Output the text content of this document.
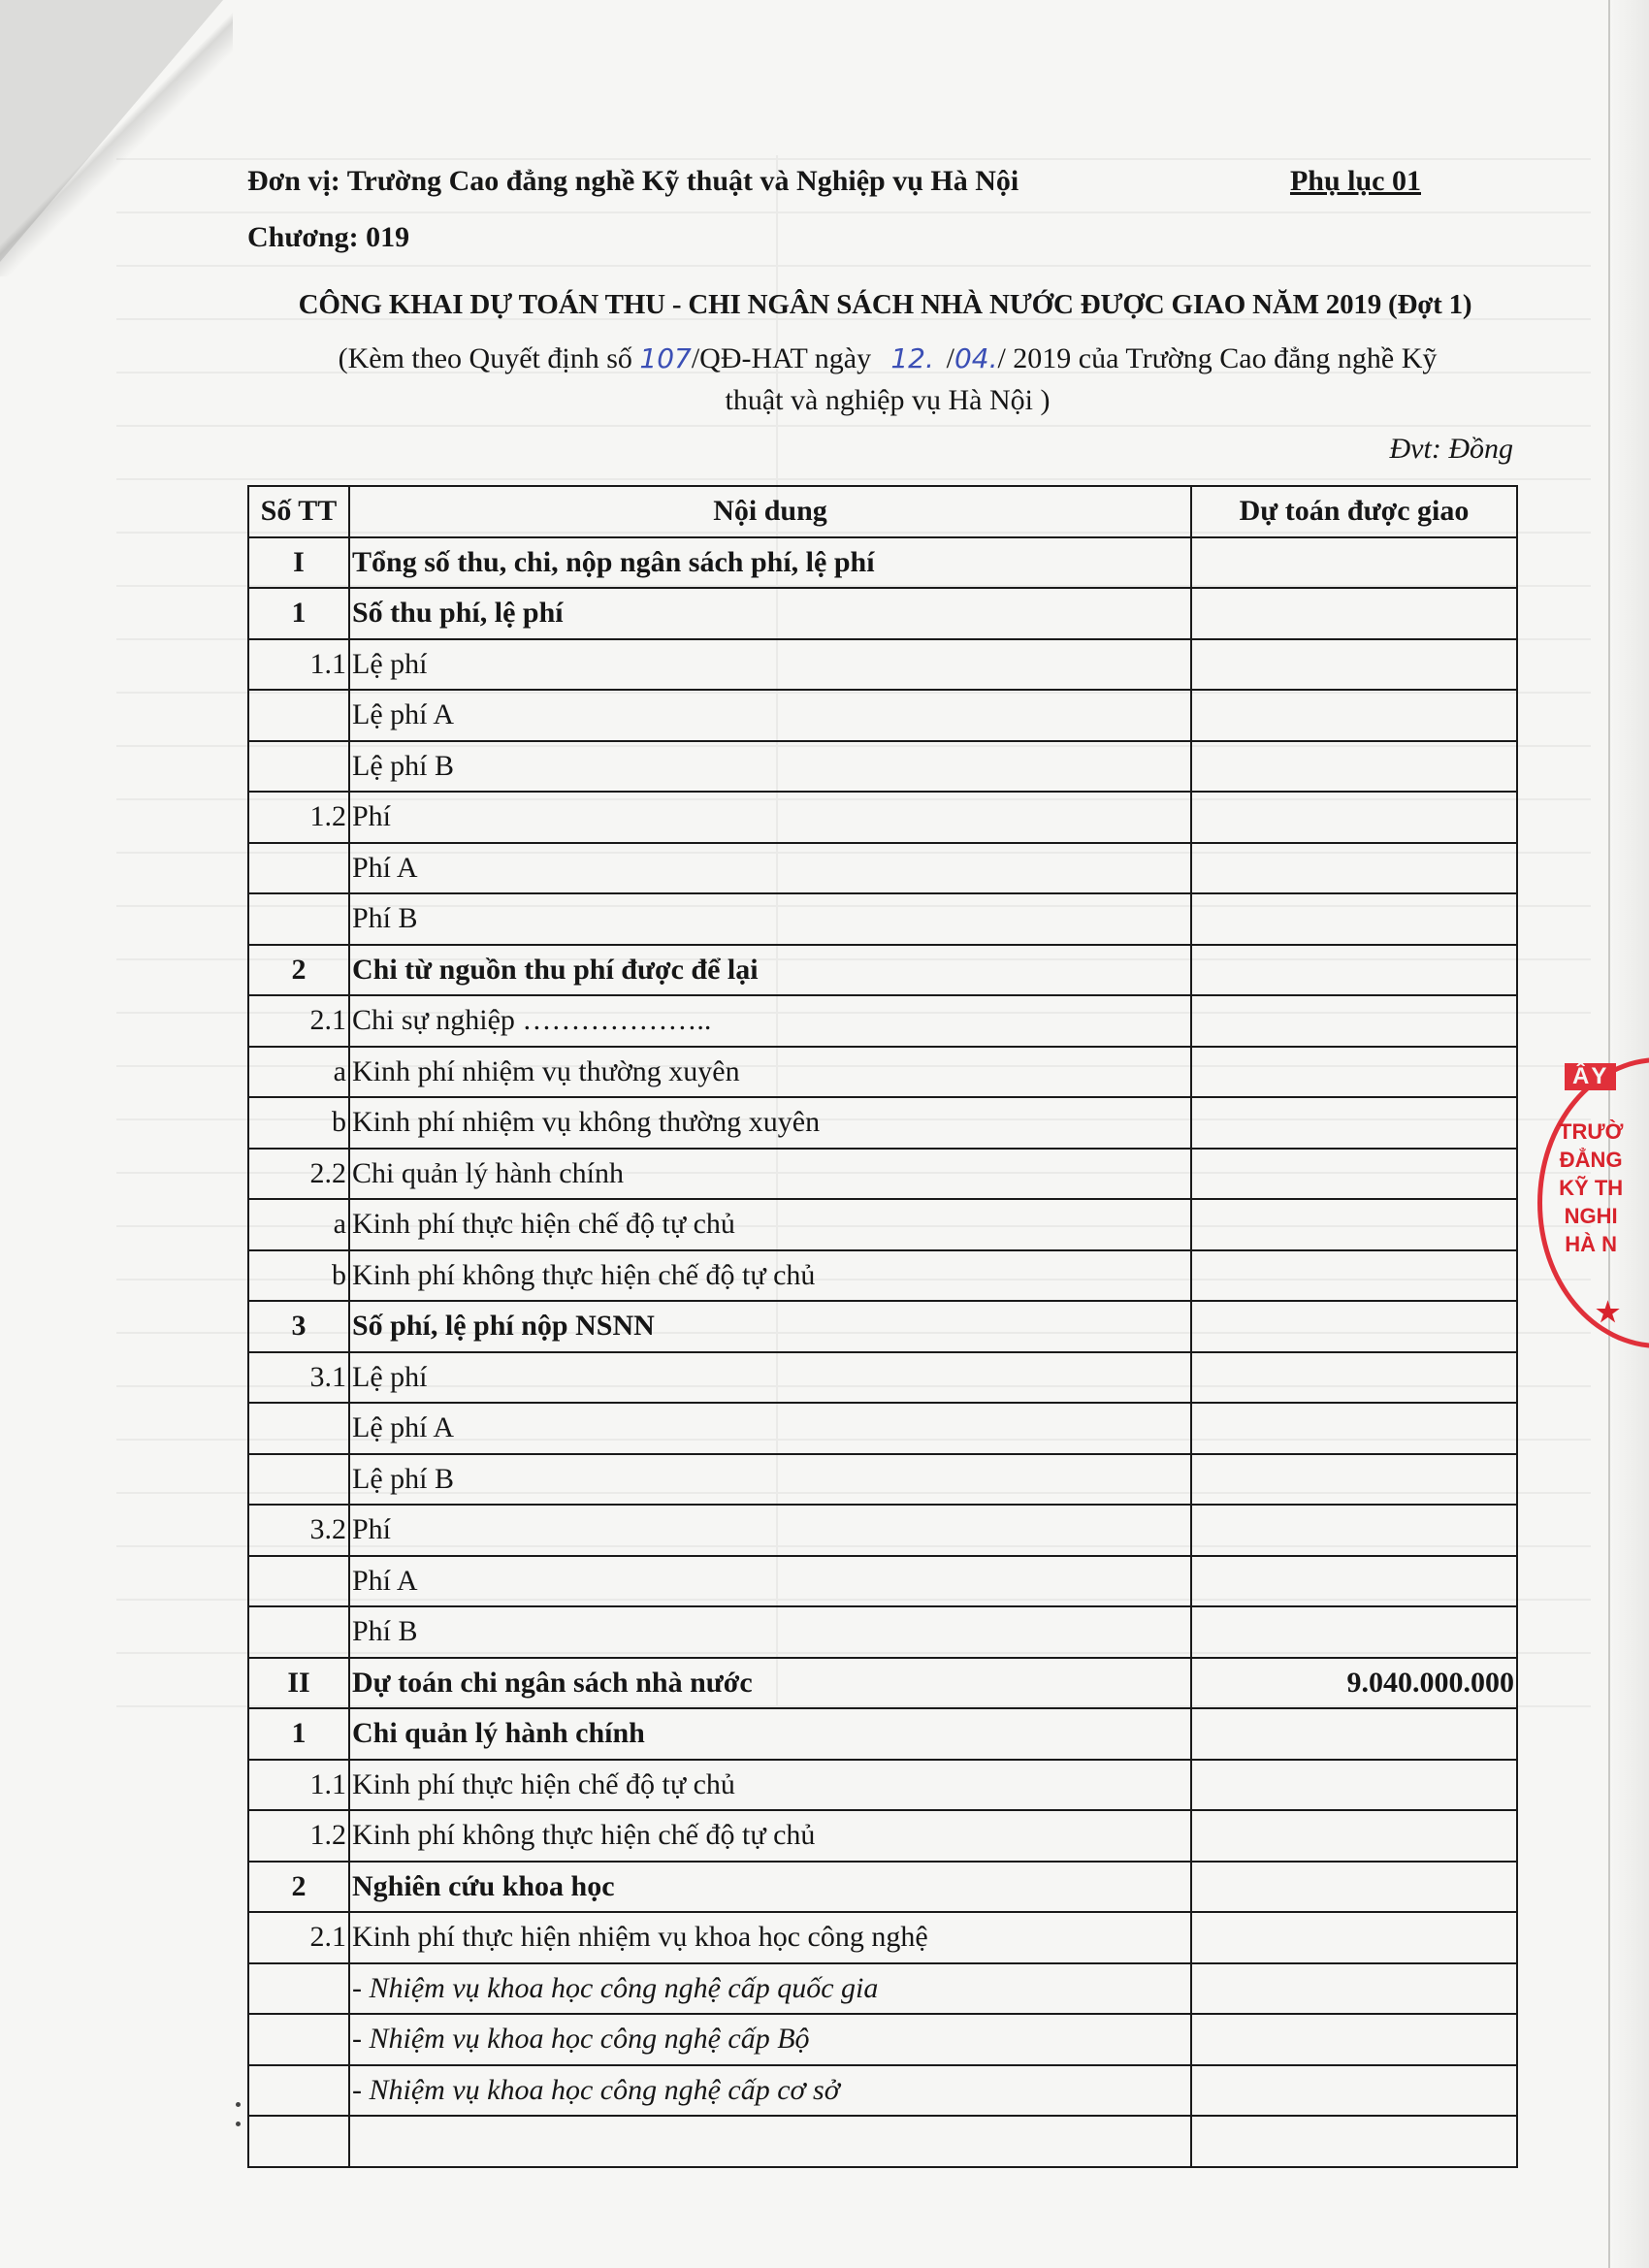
Đơn vị: Trường Cao đẳng nghề Kỹ thuật và Nghiệp vụ Hà Nội	Phụ lục 01
Chương: 019
CÔNG KHAI DỰ TOÁN THU - CHI NGÂN SÁCH NHÀ NƯỚC ĐƯỢC GIAO NĂM 2019 (Đợt 1)
(Kèm theo Quyết định số 107/QĐ-HAT ngày 12. /04./ 2019 của Trường Cao đẳng nghề Kỹ
thuật và nghiệp vụ Hà Nội )
Đvt: Đồng
Số TT	Nội dung	Dự toán được giao
I	Tổng số thu, chi, nộp ngân sách phí, lệ phí	
1	Số thu phí, lệ phí	
1.1	Lệ phí	
	Lệ phí A	
	Lệ phí B	
1.2	Phí	
	Phí A	
	Phí B	
2	Chi từ nguồn thu phí được để lại	
2.1	Chi sự nghiệp ………………..	
a	Kinh phí nhiệm vụ thường xuyên	
b	Kinh phí nhiệm vụ không thường xuyên	
2.2	Chi quản lý hành chính	
a	Kinh phí thực hiện chế độ tự chủ	
b	Kinh phí không thực hiện chế độ tự chủ	
3	Số phí, lệ phí nộp NSNN	
3.1	Lệ phí	
	Lệ phí A	
	Lệ phí B	
3.2	Phí	
	Phí A	
	Phí B	
II	Dự toán chi ngân sách nhà nước	9.040.000.000
1	Chi quản lý hành chính	
1.1	Kinh phí thực hiện chế độ tự chủ	
1.2	Kinh phí không thực hiện chế độ tự chủ	
2	Nghiên cứu khoa học	
2.1	Kinh phí thực hiện nhiệm vụ khoa học công nghệ	
	- Nhiệm vụ khoa học công nghệ cấp quốc gia	
	- Nhiệm vụ khoa học công nghệ cấp Bộ	
	- Nhiệm vụ khoa học công nghệ cấp cơ sở	

ÂY
TRƯỜ
ĐẲNG
KỸ TH
NGHI
HÀ N
★
